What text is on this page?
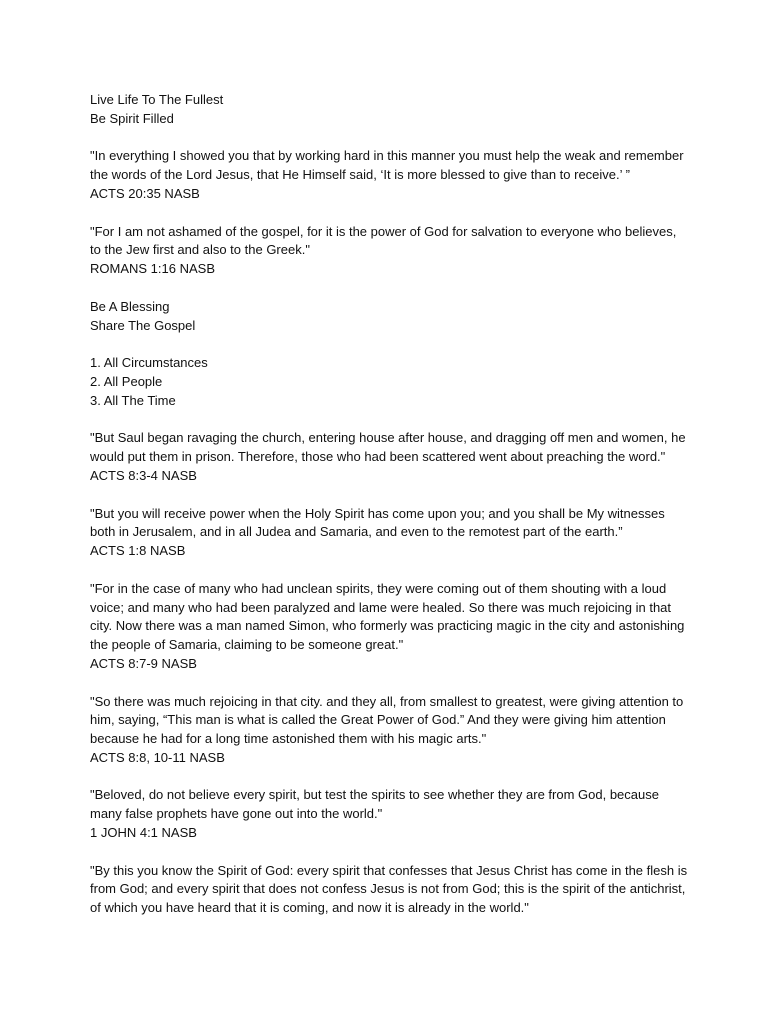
Live Life To The Fullest
Be Spirit Filled
"In everything I showed you that by working hard in this manner you must help the weak and remember
the words of the Lord Jesus, that He Himself said, ‘It is more blessed to give than to receive.’ ”
ACTS 20:35 NASB
"For I am not ashamed of the gospel, for it is the power of God for salvation to everyone who believes,
to the Jew first and also to the Greek."
ROMANS 1:16 NASB
Be A Blessing
Share The Gospel
1. All Circumstances
2. All People
3. All The Time
"But Saul began ravaging the church, entering house after house, and dragging off men and women, he
would put them in prison. Therefore, those who had been scattered went about preaching the word."
ACTS 8:3-4 NASB
"But you will receive power when the Holy Spirit has come upon you; and you shall be My witnesses
both in Jerusalem, and in all Judea and Samaria, and even to the remotest part of the earth.”
ACTS 1:8 NASB
"For in the case of many who had unclean spirits, they were coming out of them shouting with a loud
voice; and many who had been paralyzed and lame were healed. So there was much rejoicing in that
city. Now there was a man named Simon, who formerly was practicing magic in the city and astonishing
the people of Samaria, claiming to be someone great."
ACTS 8:7-9 NASB
"So there was much rejoicing in that city. and they all, from smallest to greatest, were giving attention to
him, saying, “This man is what is called the Great Power of God.” And they were giving him attention
because he had for a long time astonished them with his magic arts."
ACTS 8:8, 10-11 NASB
"Beloved, do not believe every spirit, but test the spirits to see whether they are from God, because
many false prophets have gone out into the world."
1 JOHN 4:1 NASB
"By this you know the Spirit of God: every spirit that confesses that Jesus Christ has come in the flesh is
from God; and every spirit that does not confess Jesus is not from God; this is the spirit of the antichrist,
of which you have heard that it is coming, and now it is already in the world."
